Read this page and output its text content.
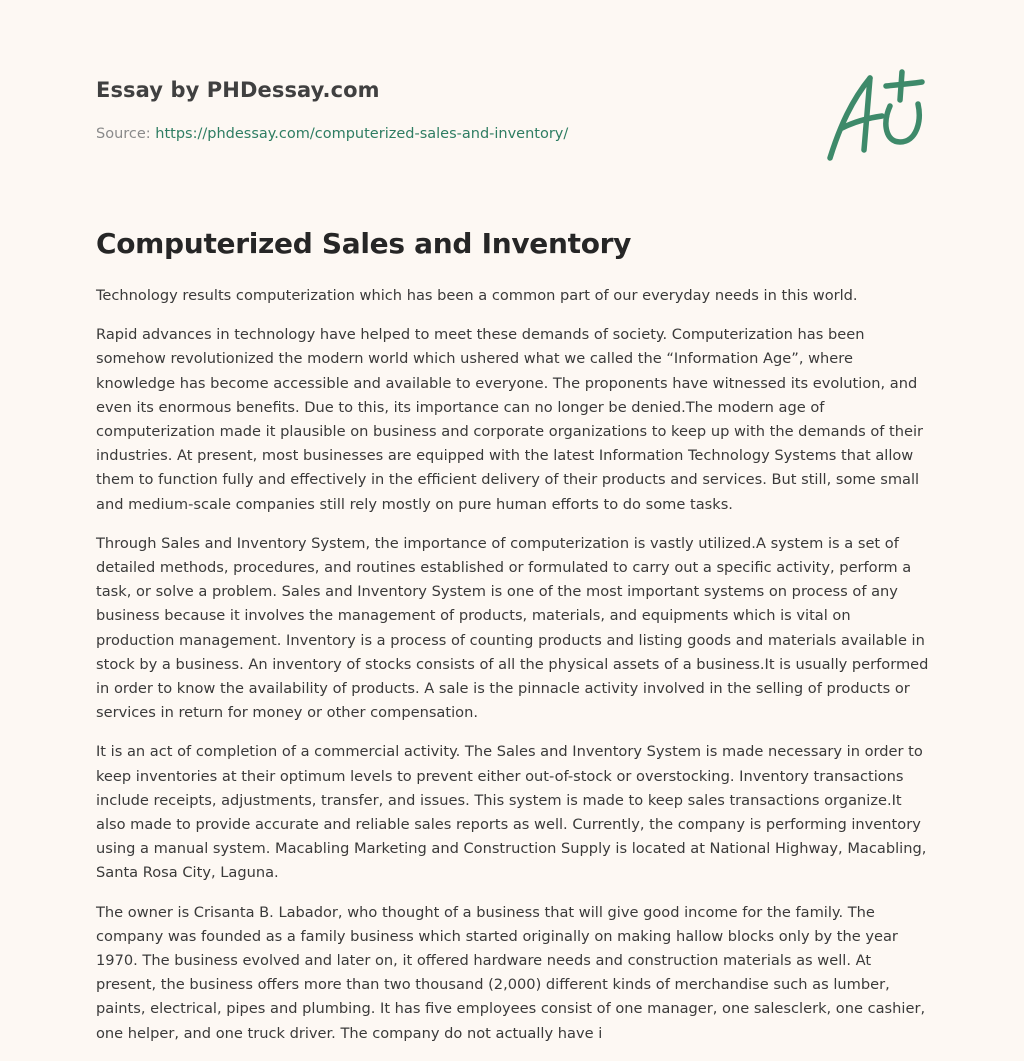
Essay by PHDessay.com

Source: https://phdessay.com/computerized-sales-and-inventory/
Computerized Sales and Inventory

Technology results computerization which has been a common part of our everyday needs in this world.

Rapid advances in technology have helped to meet these demands of society. Computerization has been somehow revolutionized the modern world which ushered what we called the “Information Age”, where knowledge has become accessible and available to everyone. The proponents have witnessed its evolution, and even its enormous benefits. Due to this, its importance can no longer be denied.The modern age of computerization made it plausible on business and corporate organizations to keep up with the demands of their industries. At present, most businesses are equipped with the latest Information Technology Systems that allow them to function fully and effectively in the efficient delivery of their products and services. But still, some small and medium-scale companies still rely mostly on pure human efforts to do some tasks.

Through Sales and Inventory System, the importance of computerization is vastly utilized.A system is a set of detailed methods, procedures, and routines established or formulated to carry out a specific activity, perform a task, or solve a problem. Sales and Inventory System is one of the most important systems on process of any business because it involves the management of products, materials, and equipments which is vital on production management. Inventory is a process of counting products and listing goods and materials available in stock by a business. An inventory of stocks consists of all the physical assets of a business.It is usually performed in order to know the availability of products. A sale is the pinnacle activity involved in the selling of products or services in return for money or other compensation.

It is an act of completion of a commercial activity. The Sales and Inventory System is made necessary in order to keep inventories at their optimum levels to prevent either out-of-stock or overstocking. Inventory transactions include receipts, adjustments, transfer, and issues. This system is made to keep sales transactions organize.It also made to provide accurate and reliable sales reports as well. Currently, the company is performing inventory using a manual system. Macabling Marketing and Construction Supply is located at National Highway, Macabling, Santa Rosa City, Laguna.

The owner is Crisanta B. Labador, who thought of a business that will give good income for the family. The company was founded as a family business which started originally on making hallow blocks only by the year 1970. The business evolved and later on, it offered hardware needs and construction materials as well. At present, the business offers more than two thousand (2,000) different kinds of merchandise such as lumber, paints, electrical, pipes and plumbing. It has five employees consist of one manager, one salesclerk, one cashier, one helper, and one truck driver. The company do not actually have i
